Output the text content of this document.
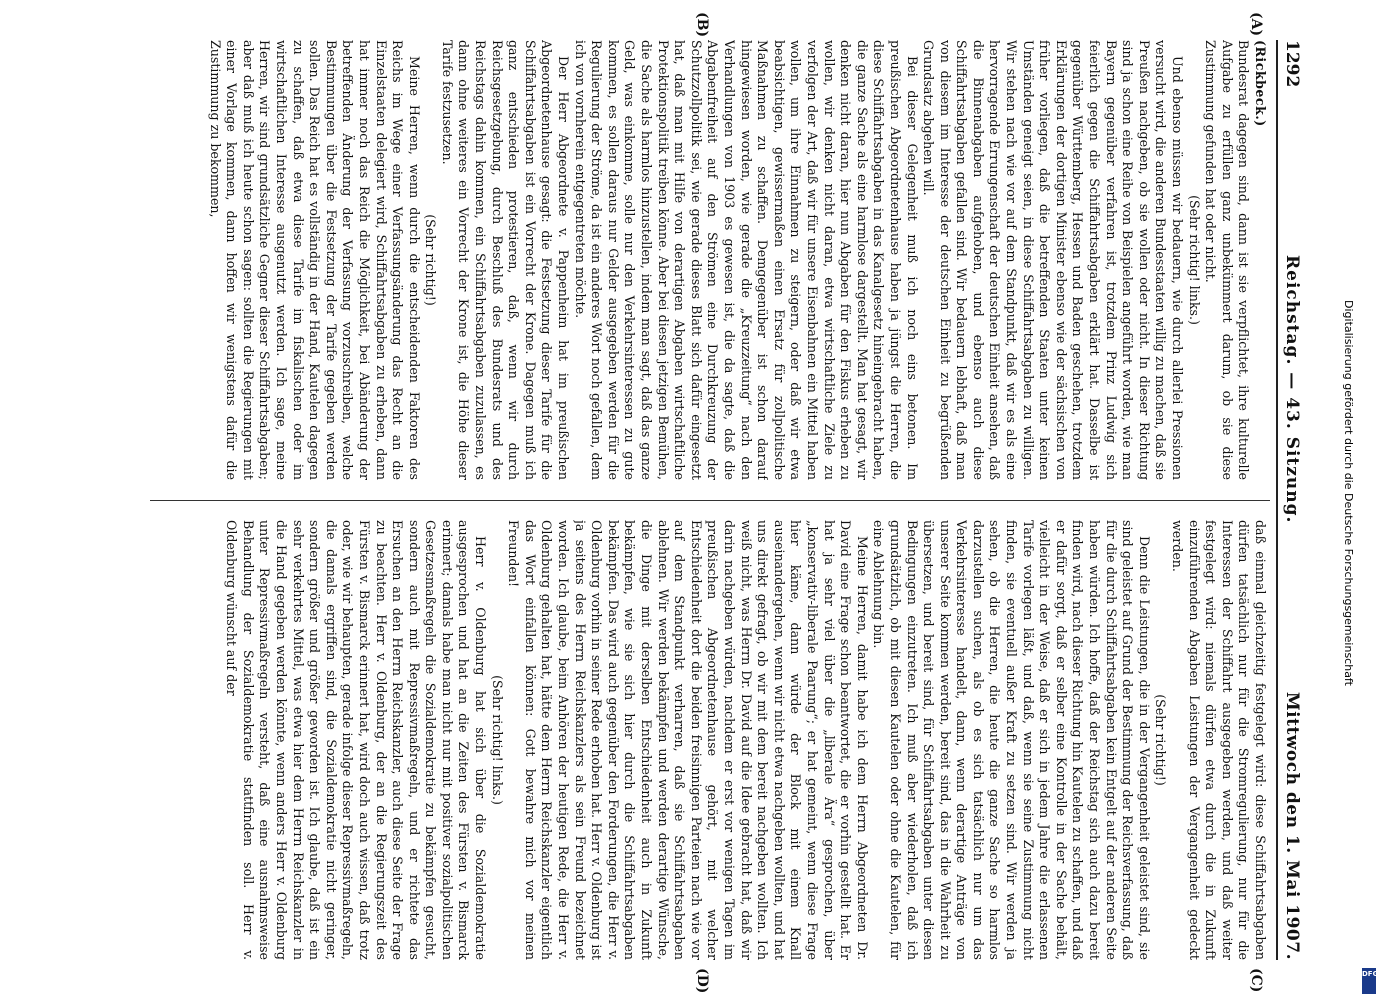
1292
Reichstag. — 43. Sitzung.
Mittwoch den 1. Mai 1907.
(A)
(B)
(C)
(D)

(Rickbeck.)

Bundesrat dagegen sind, dann ist sie verpflichtet, ihre kulturelle Aufgabe zu erfüllen ganz unbekümmert darum, ob sie diese Zustimmung gefunden hat oder nicht.

(Sehr richtig! links.)

Und ebenso müssen wir bedauern, wie durch allerlei Pressionen versucht wird, die anderen Bundesstaaten willig zu machen, daß sie Preußen nachgeben, ob sie wollen oder nicht. In dieser Richtung sind ja schon eine Reihe von Beispielen angeführt worden, wie man Bayern gegenüber verfahren ist, trotzdem Prinz Ludwig sich feierlich gegen die Schiffahrtsabgaben erklärt hat. Dasselbe ist gegenüber Württemberg, Hessen und Baden geschehen, trotzdem Erklärungen der dortigen Minister ebenso wie der sächsischen von früher vorliegen, daß die betreffenden Staaten unter keinen Umständen geneigt seien, in diese Schiffahrtsabgaben zu willigen. Wir stehen nach wie vor auf dem Standpunkt, daß wir es als eine hervorragende Errungenschaft der deutschen Einheit ansehen, daß die Binnenabgaben aufgehoben, und ebenso auch diese Schiffahrtsabgaben gefallen sind. Wir bedauern lebhaft, daß man von diesem im Interesse der deutschen Einheit zu begrüßenden Grundsatz abgehen will.

Bei dieser Gelegenheit muß ich noch eins betonen. Im preußischen Abgeordnetenhause haben ja jüngst die Herren, die diese Schiffahrtsabgaben in das Kanalgesetz hineingebracht haben, die ganze Sache als eine harmlose dargestellt. Man hat gesagt, wir denken nicht daran, hier nun Abgaben für den Fiskus erheben zu wollen, wir denken nicht daran, etwa wirtschaftliche Ziele zu verfolgen der Art, daß wir für unsere Eisenbahnen ein Mittel haben wollen, um ihre Einnahmen zu steigern, oder daß wir etwa beabsichtigen, gewissermaßen einen Ersatz für zollpolitische Maßnahmen zu schaffen. Demgegenüber ist schon darauf hingewiesen worden, wie gerade die „Kreuzzeitung“ nach den Verhandlungen von 1903 es gewesen ist, die da sagte, daß die Abgabenfreiheit auf den Strömen eine Durchkreuzung der Schutzzollpolitik sei, wie gerade dieses Blatt sich dafür eingesetzt hat, daß man mit Hilfe von derartigen Abgaben wirtschaftliche Protektionspolitik treiben könne. Aber bei diesen jetzigen Bemühen, die Sache als harmlos hinzustellen, indem man sagt, daß das ganze Geld, was einkomme, solle nur den Verkehrsinteressen zu gute kommen, es sollen daraus nur Gelder ausgegeben werden für die Regulierung der Ströme, da ist ein anderes Wort noch gefallen, dem ich von vornherein entgegentreten möchte.

Der Herr Abgeordnete v. Pappenheim hat im preußischen Abgeordnetenhause gesagt: die Festsetzung dieser Tarife für die Schiffahrtsabgaben ist ein Vorrecht der Krone. Dagegen muß ich ganz entschieden protestieren, daß, wenn wir durch Reichsgesetzgebung, durch Beschluß des Bundesrats und des Reichstags dahin kommen, ein Schiffahrtsabgaben zuzulassen, es dann ohne weiteres ein Vorrecht der Krone ist, die Höhe dieser Tarife festzusetzen.

(Sehr richtig!)

Meine Herren, wenn durch die entscheidenden Faktoren des Reichs im Wege einer Verfassungsänderung das Recht an die Einzelstaaten delegiert wird, Schiffahrtsabgaben zu erheben, dann hat immer noch das Reich die Möglichkeit, bei Abänderung der betreffenden Änderung der Verfassung vorzuschreiben, welche Bestimmungen über die Festsetzung der Tarife gegeben werden sollen. Das Reich hat es vollständig in der Hand, Kautelen dagegen zu schaffen, daß etwa diese Tarife im fiskalischen oder im wirtschaftlichen Interesse ausgenutzt werden. Ich sage, meine Herren, wir sind grundsätzliche Gegner dieser Schiffahrtsabgaben; aber daß muß ich heute schon sagen: sollten die Regierungen mit einer Vorlage kommen, dann hoffen wir wenigstens dafür die Zustimmung zu bekommen,

daß einmal gleichzeitig festgelegt wird: diese Schiffahrtsabgaben dürfen tatsächlich nur für die Stromregulierung, nur für die Interessen der Schiffahrt ausgegeben werden, und daß weiter festgelegt wird: niemals dürfen etwa durch die in Zukunft einzuführenden Abgaben Leistungen der Vergangenheit gedeckt werden.

(Sehr richtig!)

Denn die Leistungen, die in der Vergangenheit geleistet sind, sie sind geleistet auf Grund der Bestimmung der Reichsverfassung, daß für die durch Schiffahrtsabgaben kein Entgelt auf der anderen Seite haben würden. Ich hoffe, daß der Reichstag sich auch dazu bereit finden wird, nach dieser Richtung hin Kautelen zu schaffen, und daß er dafür sorgt, daß er selber eine Kontrolle in der Sache behält, vielleicht in der Weise, daß er sich in jedem Jahre die erlassenen Tarife vorlegen läßt, und daß, wenn sie seine Zustimmung nicht finden, sie eventuell außer Kraft zu setzen sind. Wir werden ja sehen, ob die Herren, die heute die ganze Sache so harmlos darzustellen suchen, als ob es sich tatsächlich nur um das Verkehrsinteresse handelt, dann, wenn derartige Anträge von unserer Seite kommen werden, bereit sind, das in die Wahrheit zu übersetzen, und bereit sind, für Schiffahrtsabgaben unter diesen Bedingungen einzutreten. Ich muß aber wiederholen, daß ich grundsätzlich, ob mit diesen Kautelen oder ohne die Kautelen, für eine Ablehnung bin.

Meine Herren, damit habe ich dem Herrn Abgeordneten Dr. David eine Frage schon beantwortet, die er vorhin gestellt hat. Er hat ja sehr viel über die „liberale Ära“ gesprochen, über „konservativ-liberale Paarung“; er hat gemeint, wenn diese Frage hier käme, dann würde der Block mit einem Knall auseinandergehen, wenn wir nicht etwa nachgeben wollten, und hat uns direkt gefragt, ob wir mit dem bereit nachgeben wollten. Ich weiß nicht, was Herrn Dr. David auf die Idee gebracht hat, daß wir darin nachgeben würden, nachdem er erst vor wenigen Tagen im preußischen Abgeordnetenhause gehört, mit welcher Entschiedenheit dort die beiden freisinnigen Parteien nach wie vor auf dem Standpunkt verharren, daß sie Schiffahrtsabgaben ablehnen. Wir werden bekämpfen und werden derartige Wünsche, die Dinge mit derselben Entschiedenheit auch in Zukunft bekämpfen, wie sie sich hier durch die Schiffahrtsabgaben bekämpfen. Das wird auch gegenüber den Forderungen, die Herr v. Oldenburg vorhin in seiner Rede erhoben hat. Herr v. Oldenburg ist ja seitens des Herrn Reichskanzlers als sein Freund bezeichnet worden. Ich glaube, beim Anhören der heutigen Rede, die Herr v. Oldenburg gehalten hat, hätte dem Herrn Reichskanzler eigentlich das Wort einfallen können: Gott bewahre mich vor meinen Freunden!

(Sehr richtig! links.)

Herr v. Oldenburg hat sich über die Sozialdemokratie ausgesprochen und hat an die Zeiten des Fürsten v. Bismarck erinnert; damals habe man nicht nur mit positiver sozialpolitischen Gesetzesmaßregeln die Sozialdemokratie zu bekämpfen gesucht, sondern auch mit Repressivmaßregeln, und er richtete das Ersuchen an den Herrn Reichskanzler, auch diese Seite der Frage zu beachten. Herr v. Oldenburg, der an die Regierungszeit des Fürsten v. Bismarck erinnert hat, wird doch auch wissen, daß trotz oder, wie wir behaupten, gerade infolge dieser Repressivmaßregeln, die damals ergriffen sind, die Sozialdemokratie nicht geringer, sondern größer und größer geworden ist. Ich glaube, daß ist ein sehr verkehrtes Mittel, was etwa hier dem Herrn Reichskanzler in die Hand gegeben werden könnte, wenn anders Herr v. Oldenburg unter Repressivmaßregeln versteht, daß eine ausnahmsweise Behandlung der Sozialdemokratie stattfinden soll. Herr v. Oldenburg wünscht auf der	Digitalisierung gefördert durch die Deutsche Forschungsgemeinschaft
DFG
